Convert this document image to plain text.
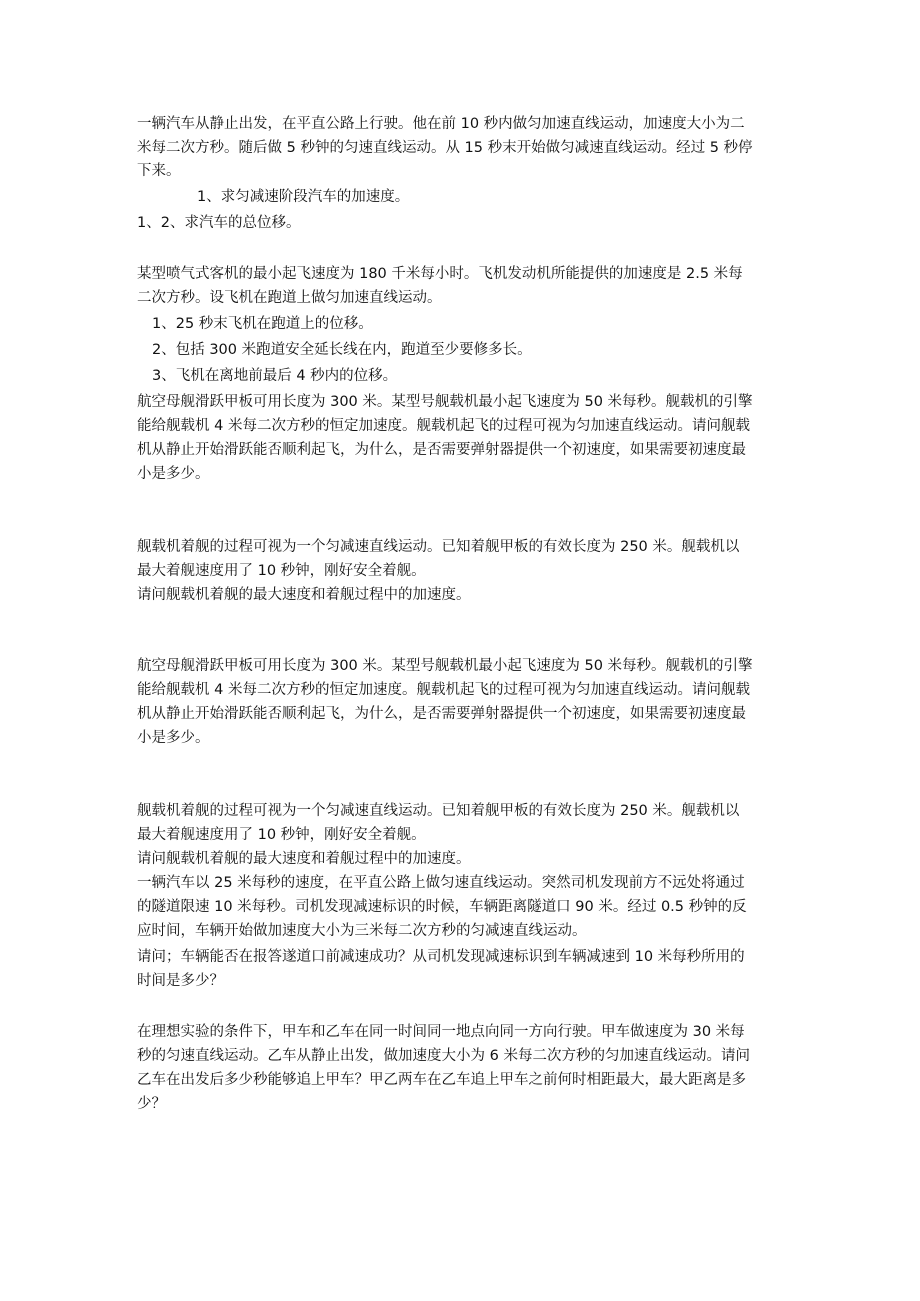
一辆汽车从静止出发，在平直公路上行驶。他在前 10 秒内做匀加速直线运动，加速度大小为二
米每二次方秒。随后做 5 秒钟的匀速直线运动。从 15 秒末开始做匀减速直线运动。经过 5 秒停
下来。
1、求匀减速阶段汽车的加速度。
1、2、求汽车的总位移。
某型喷气式客机的最小起飞速度为 180 千米每小时。飞机发动机所能提供的加速度是 2.5 米每
二次方秒。设飞机在跑道上做匀加速直线运动。
1、25 秒末飞机在跑道上的位移。
2、包括 300 米跑道安全延长线在内，跑道至少要修多长。
3、飞机在离地前最后 4 秒内的位移。
航空母舰滑跃甲板可用长度为 300 米。某型号舰载机最小起飞速度为 50 米每秒。舰载机的引擎
能给舰载机 4 米每二次方秒的恒定加速度。舰载机起飞的过程可视为匀加速直线运动。请问舰载
机从静止开始滑跃能否顺利起飞，为什么，是否需要弹射器提供一个初速度，如果需要初速度最
小是多少。
舰载机着舰的过程可视为一个匀减速直线运动。已知着舰甲板的有效长度为 250 米。舰载机以
最大着舰速度用了 10 秒钟，刚好安全着舰。
请问舰载机着舰的最大速度和着舰过程中的加速度。
航空母舰滑跃甲板可用长度为 300 米。某型号舰载机最小起飞速度为 50 米每秒。舰载机的引擎
能给舰载机 4 米每二次方秒的恒定加速度。舰载机起飞的过程可视为匀加速直线运动。请问舰载
机从静止开始滑跃能否顺利起飞，为什么，是否需要弹射器提供一个初速度，如果需要初速度最
小是多少。
舰载机着舰的过程可视为一个匀减速直线运动。已知着舰甲板的有效长度为 250 米。舰载机以
最大着舰速度用了 10 秒钟，刚好安全着舰。
请问舰载机着舰的最大速度和着舰过程中的加速度。
一辆汽车以 25 米每秒的速度，在平直公路上做匀速直线运动。突然司机发现前方不远处将通过
的隧道限速 10 米每秒。司机发现减速标识的时候，车辆距离隧道口 90 米。经过 0.5 秒钟的反
应时间，车辆开始做加速度大小为三米每二次方秒的匀减速直线运动。
请问；车辆能否在报答遂道口前减速成功？从司机发现减速标识到车辆减速到 10 米每秒所用的
时间是多少？
在理想实验的条件下，甲车和乙车在同一时间同一地点向同一方向行驶。甲车做速度为 30 米每
秒的匀速直线运动。乙车从静止出发，做加速度大小为 6 米每二次方秒的匀加速直线运动。请问
乙车在出发后多少秒能够追上甲车？甲乙两车在乙车追上甲车之前何时相距最大，最大距离是多
少？
